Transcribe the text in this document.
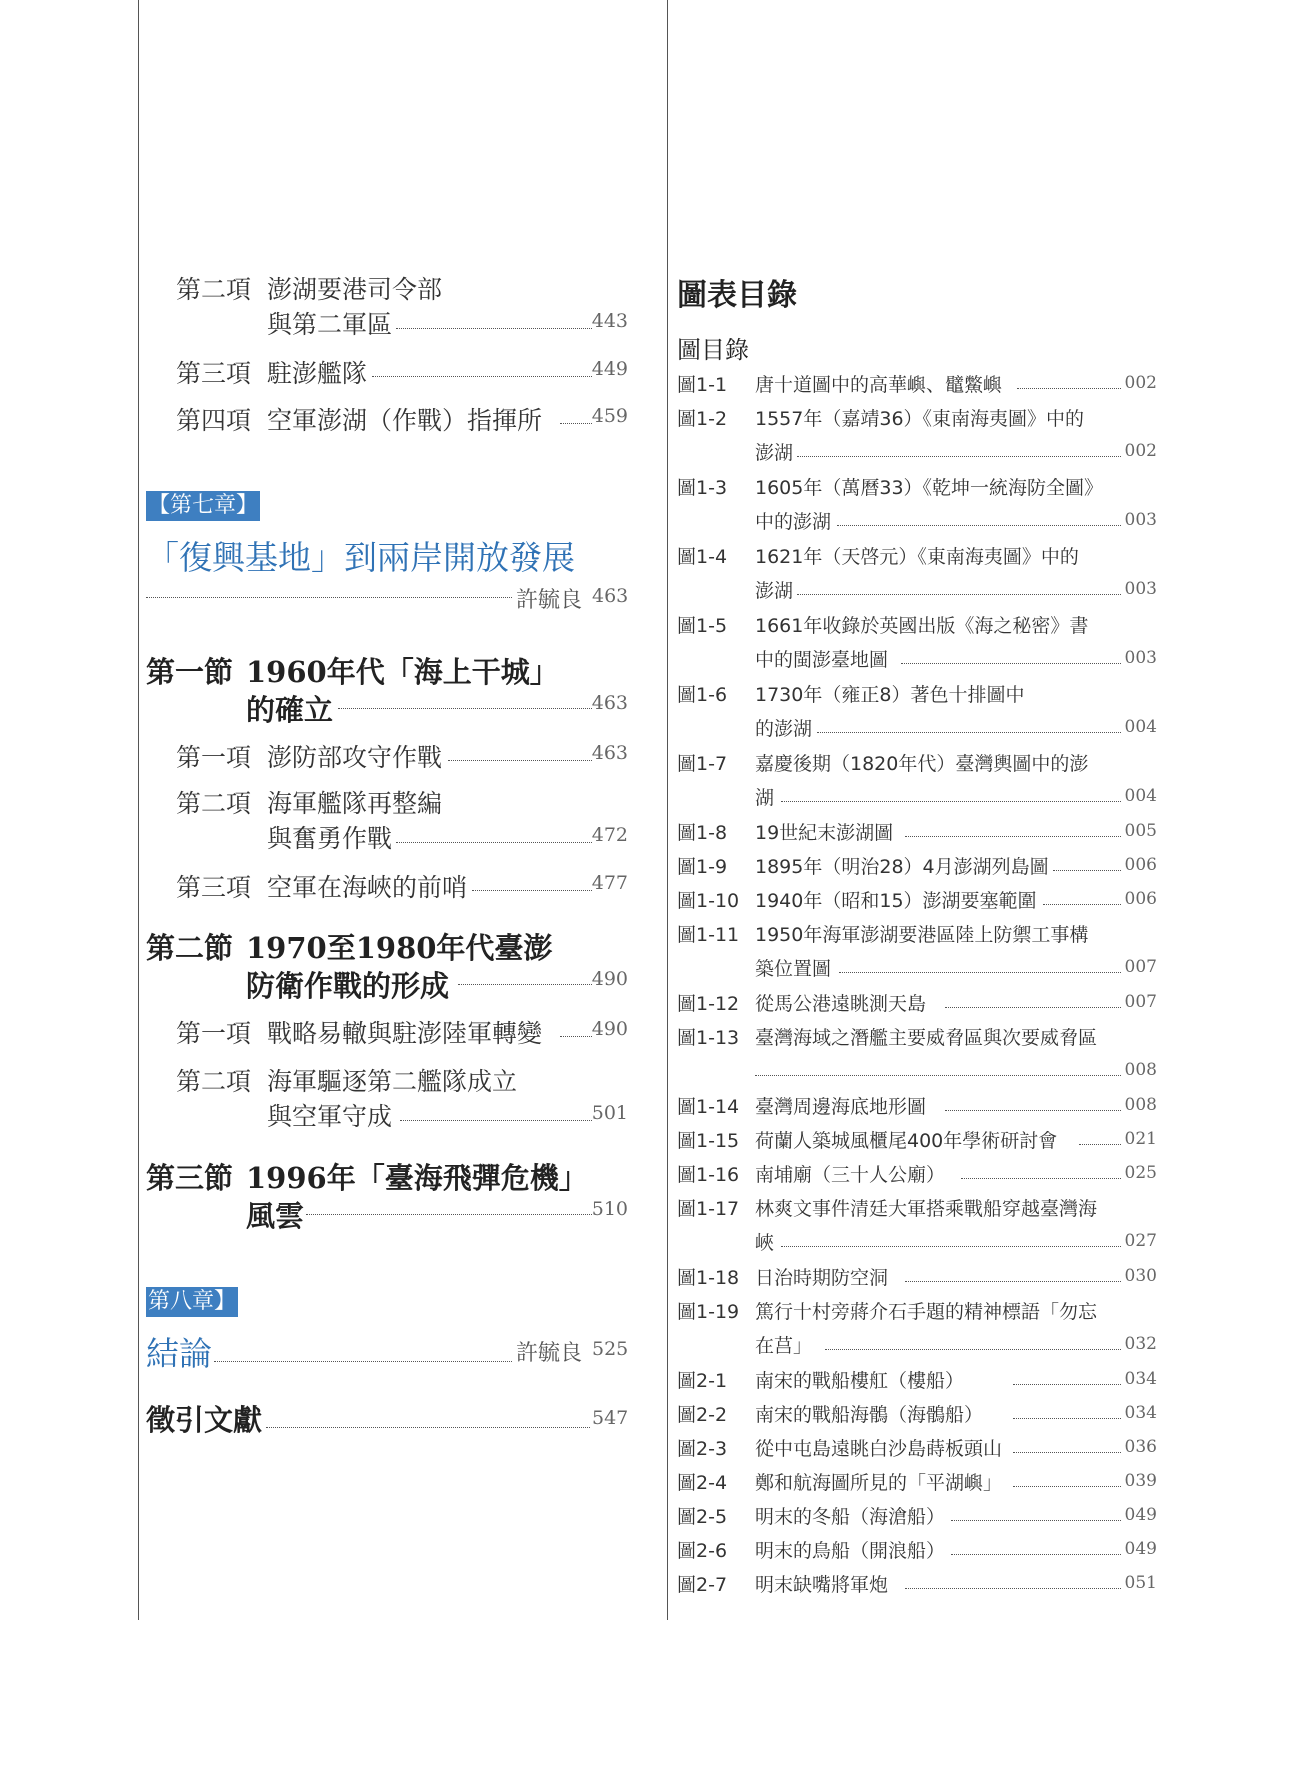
第二項 澎湖要港司令部
與第二軍區	443
第三項 駐澎艦隊	449
第四項 空軍澎湖（作戰）指揮所	459
【第七章】
「復興基地」到兩岸開放發展
許毓良 463
第一節 1960年代「海上干城」
的確立	463
第一項 澎防部攻守作戰	463
第二項 海軍艦隊再整編
與奮勇作戰	472
第三項 空軍在海峽的前哨	477
第二節 1970至1980年代臺澎
防衛作戰的形成	490
第一項 戰略易轍與駐澎陸軍轉變	490
第二項 海軍驅逐第二艦隊成立
與空軍守成	501
第三節 1996年「臺海飛彈危機」
風雲	510
第八章】
結論	許毓良 525
徵引文獻	547
圖表目錄
圖目錄
圖1-1 唐十道圖中的高華嶼、鼊鱉嶼	002
圖1-2 1557年（嘉靖36）《東南海夷圖》中的
澎湖	002
圖1-3 1605年（萬曆33）《乾坤一統海防全圖》
中的澎湖	003
圖1-4 1621年（天啓元）《東南海夷圖》中的
澎湖	003
圖1-5 1661年收錄於英國出版《海之秘密》書
中的閩澎臺地圖	003
圖1-6 1730年（雍正8）著色十排圖中
的澎湖	004
圖1-7 嘉慶後期（1820年代）臺灣輿圖中的澎
湖	004
圖1-8 19世紀末澎湖圖	005
圖1-9 1895年（明治28）4月澎湖列島圖	006
圖1-10 1940年（昭和15）澎湖要塞範圍	006
圖1-11 1950年海軍澎湖要港區陸上防禦工事構
築位置圖	007
圖1-12 從馬公港遠眺測天島	007
圖1-13 臺灣海域之潛艦主要威脅區與次要威脅區
008
圖1-14 臺灣周邊海底地形圖	008
圖1-15 荷蘭人築城風櫃尾400年學術研討會	021
圖1-16 南埔廟（三十人公廟）	025
圖1-17 林爽文事件清廷大軍搭乘戰船穿越臺灣海
峽	027
圖1-18 日治時期防空洞	030
圖1-19 篤行十村旁蔣介石手題的精神標語「勿忘
在莒」	032
圖2-1 南宋的戰船樓舡（樓船）	034
圖2-2 南宋的戰船海鶻（海鶻船）	034
圖2-3 從中屯島遠眺白沙島蒔板頭山	036
圖2-4 鄭和航海圖所見的「平湖嶼」	039
圖2-5 明末的冬船（海滄船）	049
圖2-6 明末的鳥船（開浪船）	049
圖2-7 明末缺嘴將軍炮	051
